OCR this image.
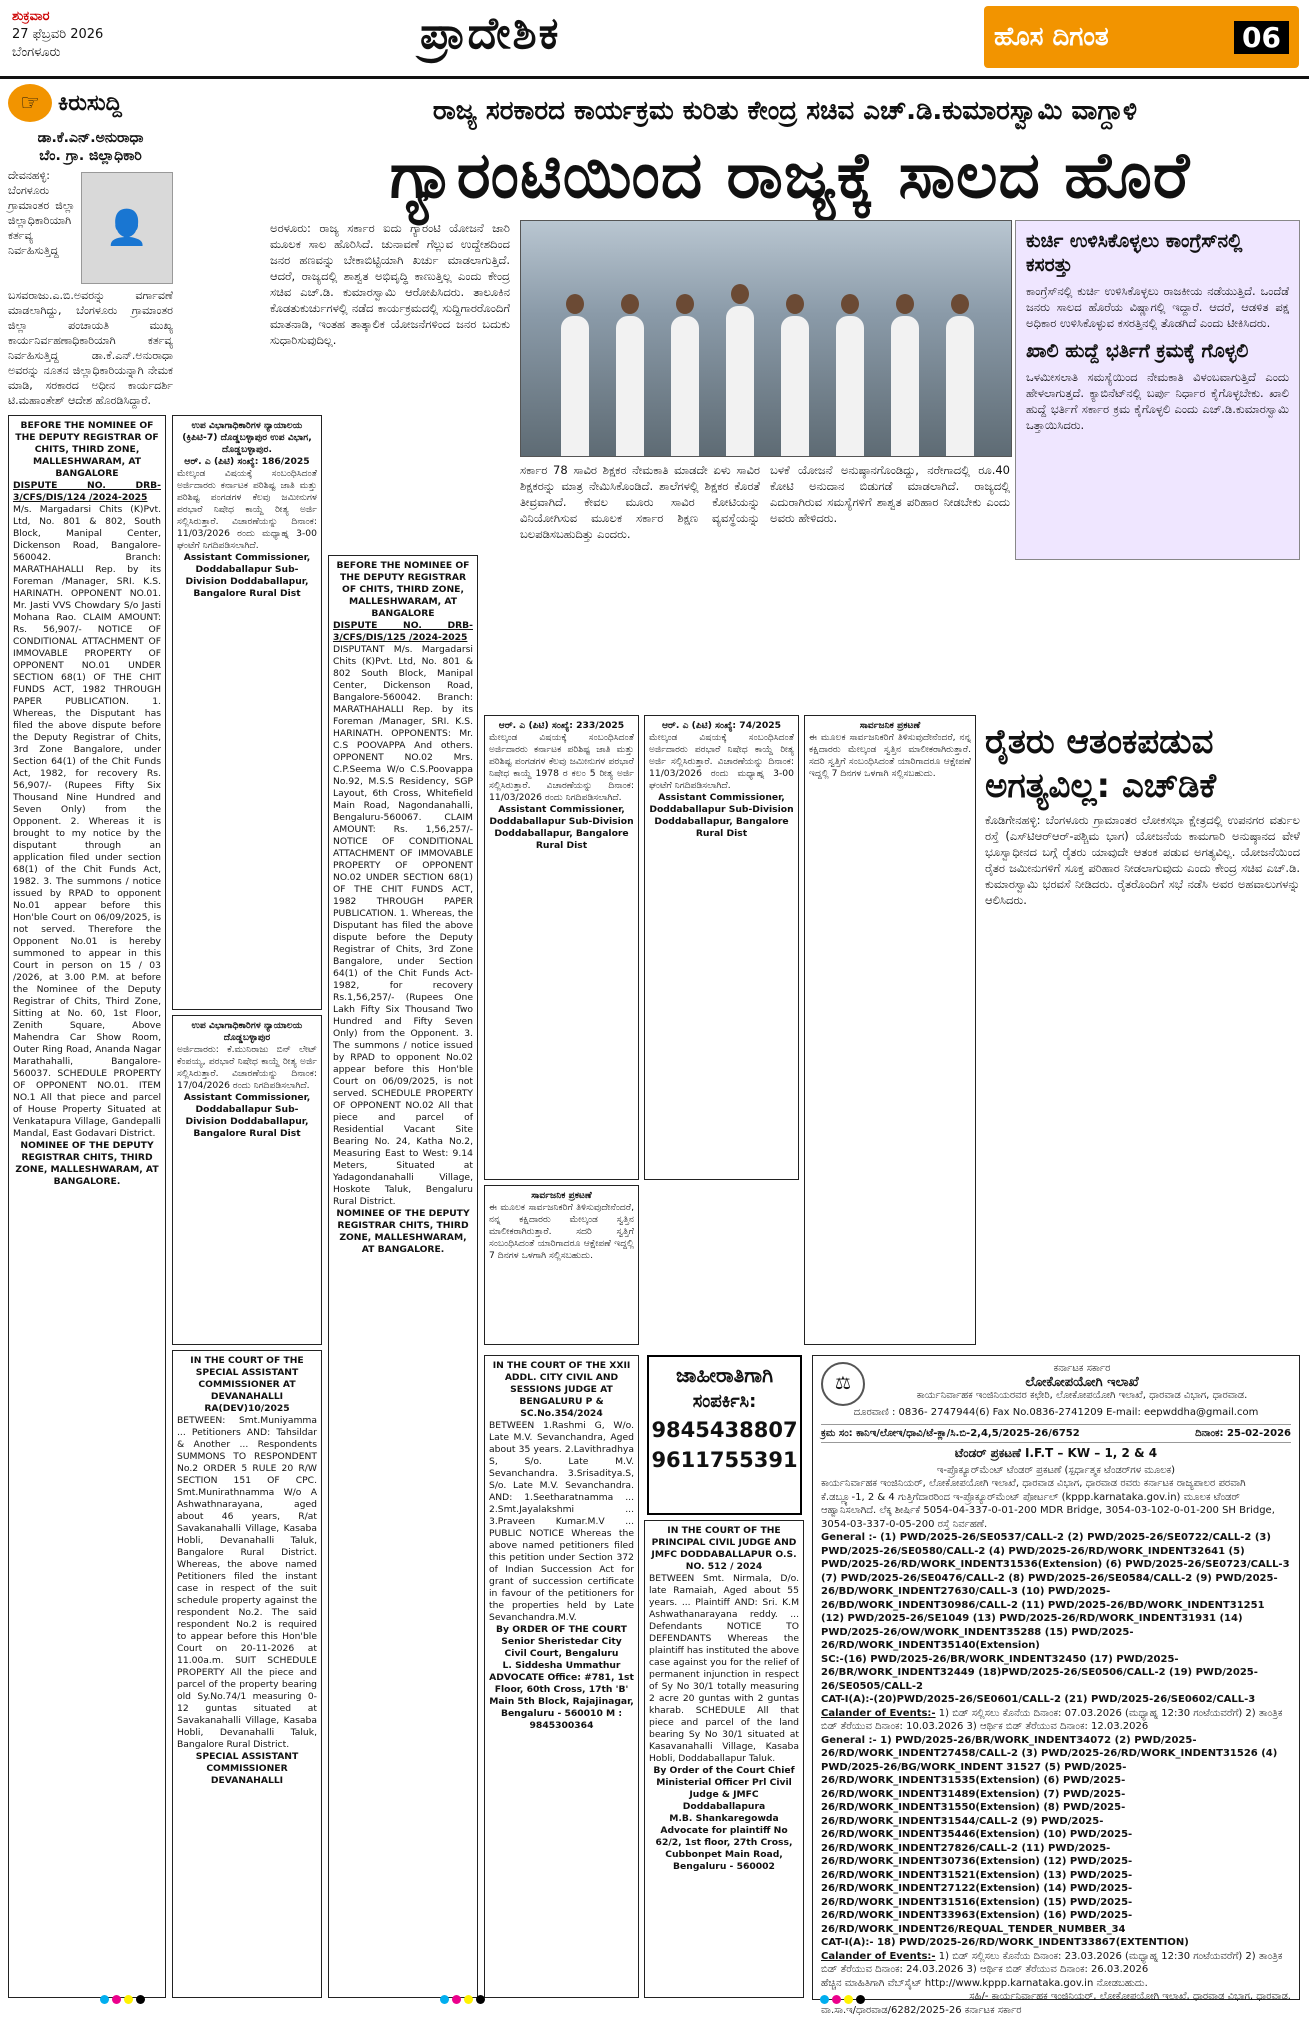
ಶುಕ್ರವಾರ
27 ಫೆಬ್ರವರಿ 2026
ಬೆಂಗಳೂರು	ಪ್ರಾದೇಶಿಕ	ಹೊಸ ದಿಗಂತ	06
☞ ಕಿರುಸುದ್ದಿ
ಡಾ.ಕೆ.ಎನ್.ಅನುರಾಧಾ
ಬೆಂ. ಗ್ರಾ. ಜಿಲ್ಲಾಧಿಕಾರಿ
👤
ದೇವನಹಳ್ಳಿ: ಬೆಂಗಳೂರು ಗ್ರಾಮಾಂತರ ಜಿಲ್ಲಾ ಜಿಲ್ಲಾಧಿಕಾರಿಯಾಗಿ ಕರ್ತವ್ಯ ನಿರ್ವಹಿಸುತ್ತಿದ್ದ ಬಸವರಾಜು.ಎ.ಬಿ.ಅವರನ್ನು ವರ್ಗಾವಣೆ ಮಾಡಲಾಗಿದ್ದು, ಬೆಂಗಳೂರು ಗ್ರಾಮಾಂತರ ಜಿಲ್ಲಾ ಪಂಚಾಯತಿ ಮುಖ್ಯ ಕಾರ್ಯನಿರ್ವಹಣಾಧಿಕಾರಿಯಾಗಿ ಕರ್ತವ್ಯ ನಿರ್ವಹಿಸುತ್ತಿದ್ದ ಡಾ.ಕೆ.ಎನ್.ಅನುರಾಧಾ ಅವರನ್ನು ನೂತನ ಜಿಲ್ಲಾಧಿಕಾರಿಯನ್ನಾಗಿ ನೇಮಕ ಮಾಡಿ, ಸರಕಾರದ ಅಧೀನ ಕಾರ್ಯದರ್ಶಿ ಟಿ.ಮಹಾಂತೇಶ್ ಆದೇಶ ಹೊರಡಿಸಿದ್ದಾರೆ.
ರಾಜ್ಯ ಸರಕಾರದ ಕಾರ್ಯಕ್ರಮ ಕುರಿತು ಕೇಂದ್ರ ಸಚಿವ ಎಚ್.ಡಿ.ಕುಮಾರಸ್ವಾಮಿ ವಾಗ್ದಾಳಿ
ಗ್ಯಾರಂಟಿಯಿಂದ ರಾಜ್ಯಕ್ಕೆ ಸಾಲದ ಹೊರೆ
ಅರಳೂರು: ರಾಜ್ಯ ಸರ್ಕಾರ ಐದು ಗ್ಯಾರಂಟಿ ಯೋಜನೆ ಜಾರಿ ಮೂಲಕ ಸಾಲ ಹೊರಿಸಿದೆ. ಚುನಾವಣೆ ಗೆಲ್ಲುವ ಉದ್ದೇಶದಿಂದ ಜನರ ಹಣವನ್ನು ಬೇಕಾಬಿಟ್ಟಿಯಾಗಿ ಖರ್ಚು ಮಾಡಲಾಗುತ್ತಿದೆ. ಆದರೆ, ರಾಜ್ಯದಲ್ಲಿ ಶಾಶ್ವತ ಅಭಿವೃದ್ಧಿ ಕಾಣುತ್ತಿಲ್ಲ ಎಂದು ಕೇಂದ್ರ ಸಚಿವ ಎಚ್.ಡಿ. ಕುಮಾರಸ್ವಾಮಿ ಆರೋಪಿಸಿದರು. ತಾಲೂಕಿನ ಕೊಡತುಕುರ್ಚುಗಳಲ್ಲಿ ನಡೆದ ಕಾರ್ಯಕ್ರಮದಲ್ಲಿ ಸುದ್ದಿಗಾರರೊಂದಿಗೆ ಮಾತನಾಡಿ, ಇಂತಹ ತಾತ್ಕಾಲಿಕ ಯೋಜನೆಗಳಿಂದ ಜನರ ಬದುಕು ಸುಧಾರಿಸುವುದಿಲ್ಲ.
ಸರ್ಕಾರ 78 ಸಾವಿರ ಶಿಕ್ಷಕರ ನೇಮಕಾತಿ ಮಾಡದೇ ಏಳು ಸಾವಿರ ಶಿಕ್ಷಕರನ್ನು ಮಾತ್ರ ನೇಮಿಸಿಕೊಂಡಿದೆ. ಶಾಲೆಗಳಲ್ಲಿ ಶಿಕ್ಷಕರ ಕೊರತೆ ತೀವ್ರವಾಗಿದೆ. ಕೇವಲ ಮೂರು ಸಾವಿರ ಕೋಟಿಯನ್ನು ವಿನಿಯೋಗಿಸುವ ಮೂಲಕ ಸರ್ಕಾರ ಶಿಕ್ಷಣ ವ್ಯವಸ್ಥೆಯನ್ನು ಬಲಪಡಿಸಬಹುದಿತ್ತು ಎಂದರು.
ಬಳಕೆ ಯೋಜನೆ ಅನುಷ್ಠಾನಗೊಂಡಿದ್ದು, ನರೇಗಾದಲ್ಲಿ ರೂ.40 ಕೋಟಿ ಅನುದಾನ ಬಿಡುಗಡೆ ಮಾಡಲಾಗಿದೆ. ರಾಜ್ಯದಲ್ಲಿ ಎದುರಾಗಿರುವ ಸಮಸ್ಯೆಗಳಿಗೆ ಶಾಶ್ವತ ಪರಿಹಾರ ನೀಡಬೇಕು ಎಂದು ಅವರು ಹೇಳಿದರು.
ಕುರ್ಚಿ ಉಳಿಸಿಕೊಳ್ಳಲು ಕಾಂಗ್ರೆಸ್‌ನಲ್ಲಿ ಕಸರತ್ತು

ಕಾಂಗ್ರೆಸ್‌ನಲ್ಲಿ ಕುರ್ಚಿ ಉಳಿಸಿಕೊಳ್ಳಲು ರಾಜಕೀಯ ನಡೆಯುತ್ತಿದೆ. ಒಂದೆಡೆ ಜನರು ಸಾಲದ ಹೊರೆಯ ವಿಷ್ಣಾಗಲ್ಲಿ ಇದ್ದಾರೆ. ಆದರೆ, ಆಡಳಿತ ಪಕ್ಷ ಅಧಿಕಾರ ಉಳಿಸಿಕೊಳ್ಳುವ ಕಸರತ್ತಿನಲ್ಲಿ ತೊಡಗಿದೆ ಎಂದು ಟೀಕಿಸಿದರು.

ಖಾಲಿ ಹುದ್ದೆ ಭರ್ತಿಗೆ ಕ್ರಮಕ್ಕೆ ಗೊಳ್ಳಲಿ

ಒಳಮೀಸಲಾತಿ ಸಮಸ್ಯೆಯಿಂದ ನೇಮಕಾತಿ ವಿಳಂಬವಾಗುತ್ತಿದೆ ಎಂದು ಹೇಳಲಾಗುತ್ತದೆ. ಕ್ಯಾಬಿನೆಟ್‌ನಲ್ಲಿ ಬರ್ಪು ನಿರ್ಧಾರ ಕೈಗೊಳ್ಳಬೇಕು. ಖಾಲಿ ಹುದ್ದೆ ಭರ್ತಿಗೆ ಸರ್ಕಾರ ಕ್ರಮ ಕೈಗೊಳ್ಳಲಿ ಎಂದು ಎಚ್.ಡಿ.ಕುಮಾರಸ್ವಾಮಿ ಒತ್ತಾಯಿಸಿದರು.

ರೈತರು ಆತಂಕಪಡುವ ಅಗತ್ಯವಿಲ್ಲ: ಎಚ್‌ಡಿಕೆ
ಕೊಡಿಗೇನಹಳ್ಳಿ: ಬೆಂಗಳೂರು ಗ್ರಾಮಾಂತರ ಲೋಕಸಭಾ ಕ್ಷೇತ್ರದಲ್ಲಿ ಉಪನಗರ ವರ್ತುಲ ರಸ್ತೆ (ಎಸ್‌ಟಿಆರ್‌ಆರ್-ಪಶ್ಚಿಮ ಭಾಗ) ಯೋಜನೆಯ ಕಾಮಗಾರಿ ಅನುಷ್ಠಾನದ ವೇಳೆ ಭೂಸ್ವಾಧೀನದ ಬಗ್ಗೆ ರೈತರು ಯಾವುದೇ ಆತಂಕ ಪಡುವ ಅಗತ್ಯವಿಲ್ಲ. ಯೋಜನೆಯಿಂದ ರೈತರ ಜಮೀನುಗಳಿಗೆ ಸೂಕ್ತ ಪರಿಹಾರ ನೀಡಲಾಗುವುದು ಎಂದು ಕೇಂದ್ರ ಸಚಿವ ಎಚ್.ಡಿ. ಕುಮಾರಸ್ವಾಮಿ ಭರವಸೆ ನೀಡಿದರು. ರೈತರೊಂದಿಗೆ ಸಭೆ ನಡೆಸಿ ಅವರ ಅಹವಾಲುಗಳನ್ನು ಆಲಿಸಿದರು.
BEFORE THE NOMINEE OF THE DEPUTY REGISTRAR OF CHITS, THIRD ZONE, MALLESHWARAM, AT BANGALORE
DISPUTE NO. DRB-3/CFS/DIS/124 /2024-2025
M/s. Margadarsi Chits (K)Pvt. Ltd, No. 801 & 802, South Block, Manipal Center, Dickenson Road, Bangalore-560042. Branch: MARATHAHALLI Rep. by its Foreman /Manager, SRI. K.S. HARINATH. OPPONENT NO.01. Mr. Jasti VVS Chowdary S/o Jasti Mohana Rao. CLAIM AMOUNT: Rs. 56,907/- NOTICE OF CONDITIONAL ATTACHMENT OF IMMOVABLE PROPERTY OF OPPONENT NO.01 UNDER SECTION 68(1) OF THE CHIT FUNDS ACT, 1982 THROUGH PAPER PUBLICATION. 1. Whereas, the Disputant has filed the above dispute before the Deputy Registrar of Chits, 3rd Zone Bangalore, under Section 64(1) of the Chit Funds Act, 1982, for recovery Rs. 56,907/- (Rupees Fifty Six Thousand Nine Hundred and Seven Only) from the Opponent. 2. Whereas it is brought to my notice by the disputant through an application filed under section 68(1) of the Chit Funds Act, 1982. 3. The summons / notice issued by RPAD to opponent No.01 appear before this Hon'ble Court on 06/09/2025, is not served. Therefore the Opponent No.01 is hereby summoned to appear in this Court in person on 15 / 03 /2026, at 3.00 P.M. at before the Nominee of the Deputy Registrar of Chits, Third Zone, Sitting at No. 60, 1st Floor, Zenith Square, Above Mahendra Car Show Room, Outer Ring Road, Ananda Nagar Marathahalli, Bangalore-560037. SCHEDULE PROPERTY OF OPPONENT NO.01. ITEM NO.1 All that piece and parcel of House Property Situated at Venkatapura Village, Gandepalli Mandal, East Godavari District.
NOMINEE OF THE DEPUTY REGISTRAR CHITS, THIRD ZONE, MALLESHWARAM, AT BANGALORE.
ಉಪ ವಿಭಾಗಾಧಿಕಾರಿಗಳ ನ್ಯಾಯಾಲಯ (ಕ್ರಿಪಿಟಿ-7) ದೊಡ್ಡಬಳ್ಳಾಪುರ ಉಪ ವಿಭಾಗ, ದೊಡ್ಡಬಳ್ಳಾಪುರ.
ಆರ್. ಎ (ಪಿಟಿ) ಸಂಖ್ಯೆ: 186/2025
ಮೇಲ್ಕಂಡ ವಿಷಯಕ್ಕೆ ಸಂಬಂಧಿಸಿದಂತೆ ಅರ್ಜಿದಾರರು ಕರ್ನಾಟಕ ಪರಿಶಿಷ್ಟ ಜಾತಿ ಮತ್ತು ಪರಿಶಿಷ್ಟ ಪಂಗಡಗಳ ಕೆಲವು ಜಮೀನುಗಳ ಪರಭಾರೆ ನಿಷೇಧ ಕಾಯ್ದೆ ರೀತ್ಯ ಅರ್ಜಿ ಸಲ್ಲಿಸಿರುತ್ತಾರೆ. ವಿಚಾರಣೆಯನ್ನು ದಿನಾಂಕ: 11/03/2026 ರಂದು ಮಧ್ಯಾಹ್ನ 3-00 ಘಂಟೆಗೆ ನಿಗದಿಪಡಿಸಲಾಗಿದೆ.
Assistant Commissioner, Doddaballapur Sub-Division Doddaballapur, Bangalore Rural Dist
ಉಪ ವಿಭಾಗಾಧಿಕಾರಿಗಳ ನ್ಯಾಯಾಲಯ ದೊಡ್ಡಬಳ್ಳಾಪುರ
ಅರ್ಜಿದಾರರು: ಕೆ.ಮುನಿರಾಜು ಬಿನ್ ಲೇಟ್ ಕೆಂಪಯ್ಯ, ಪರಭಾರೆ ನಿಷೇಧ ಕಾಯ್ದೆ ರೀತ್ಯ ಅರ್ಜಿ ಸಲ್ಲಿಸಿರುತ್ತಾರೆ. ವಿಚಾರಣೆಯನ್ನು ದಿನಾಂಕ: 17/04/2026 ರಂದು ನಿಗದಿಪಡಿಸಲಾಗಿದೆ.
Assistant Commissioner, Doddaballapur Sub-Division Doddaballapur, Bangalore Rural Dist
IN THE COURT OF THE SPECIAL ASSISTANT COMMISSIONER AT DEVANAHALLI RA(DEV)10/2025
BETWEEN: Smt.Muniyamma ... Petitioners AND: Tahsildar & Another ... Respondents SUMMONS TO RESPONDENT No.2 ORDER 5 RULE 20 R/W SECTION 151 OF CPC. Smt.Munirathnamma W/o A Ashwathnarayana, aged about 46 years, R/at Savakanahalli Village, Kasaba Hobli, Devanahalli Taluk, Bangalore Rural District. Whereas, the above named Petitioners filed the instant case in respect of the suit schedule property against the respondent No.2. The said respondent No.2 is required to appear before this Hon'ble Court on 20-11-2026 at 11.00a.m. SUIT SCHEDULE PROPERTY All the piece and parcel of the property bearing old Sy.No.74/1 measuring 0-12 guntas situated at Savakanahalli Village, Kasaba Hobli, Devanahalli Taluk, Bangalore Rural District.
SPECIAL ASSISTANT COMMISSIONER DEVANAHALLI
BEFORE THE NOMINEE OF THE DEPUTY REGISTRAR OF CHITS, THIRD ZONE, MALLESHWARAM, AT BANGALORE
DISPUTE NO. DRB-3/CFS/DIS/125 /2024-2025
DISPUTANT M/s. Margadarsi Chits (K)Pvt. Ltd, No. 801 & 802 South Block, Manipal Center, Dickenson Road, Bangalore-560042. Branch: MARATHAHALLI Rep. by its Foreman /Manager, SRI. K.S. HARINATH. OPPONENTS: Mr. C.S POOVAPPA And others. OPPONENT NO.02 Mrs. C.P.Seema W/o C.S.Poovappa No.92, M.S.S Residency, SGP Layout, 6th Cross, Whitefield Main Road, Nagondanahalli, Bengaluru-560067. CLAIM AMOUNT: Rs. 1,56,257/- NOTICE OF CONDITIONAL ATTACHMENT OF IMMOVABLE PROPERTY OF OPPONENT NO.02 UNDER SECTION 68(1) OF THE CHIT FUNDS ACT, 1982 THROUGH PAPER PUBLICATION. 1. Whereas, the Disputant has filed the above dispute before the Deputy Registrar of Chits, 3rd Zone Bangalore, under Section 64(1) of the Chit Funds Act-1982, for recovery Rs.1,56,257/- (Rupees One Lakh Fifty Six Thousand Two Hundred and Fifty Seven Only) from the Opponent. 3. The summons / notice issued by RPAD to opponent No.02 appear before this Hon'ble Court on 06/09/2025, is not served. SCHEDULE PROPERTY OF OPPONENT NO.02 All that piece and parcel of Residential Vacant Site Bearing No. 24, Katha No.2, Measuring East to West: 9.14 Meters, Situated at Yadagondanahalli Village, Hoskote Taluk, Bengaluru Rural District.
NOMINEE OF THE DEPUTY REGISTRAR CHITS, THIRD ZONE, MALLESHWARAM, AT BANGALORE.
ಆರ್. ಎ (ಪಿಟಿ) ಸಂಖ್ಯೆ: 233/2025
ಮೇಲ್ಕಂಡ ವಿಷಯಕ್ಕೆ ಸಂಬಂಧಿಸಿದಂತೆ ಅರ್ಜಿದಾರರು ಕರ್ನಾಟಕ ಪರಿಶಿಷ್ಟ ಜಾತಿ ಮತ್ತು ಪರಿಶಿಷ್ಟ ಪಂಗಡಗಳ ಕೆಲವು ಜಮೀನುಗಳ ಪರಭಾರೆ ನಿಷೇಧ ಕಾಯ್ದೆ 1978 ರ ಕಲಂ 5 ರೀತ್ಯ ಅರ್ಜಿ ಸಲ್ಲಿಸಿರುತ್ತಾರೆ. ವಿಚಾರಣೆಯನ್ನು ದಿನಾಂಕ: 11/03/2026 ರಂದು ನಿಗದಿಪಡಿಸಲಾಗಿದೆ.
Assistant Commissioner, Doddaballapur Sub-Division Doddaballapur, Bangalore Rural Dist
ಆರ್. ಎ (ಪಿಟಿ) ಸಂಖ್ಯೆ: 74/2025
ಮೇಲ್ಕಂಡ ವಿಷಯಕ್ಕೆ ಸಂಬಂಧಿಸಿದಂತೆ ಅರ್ಜಿದಾರರು ಪರಭಾರೆ ನಿಷೇಧ ಕಾಯ್ದೆ ರೀತ್ಯ ಅರ್ಜಿ ಸಲ್ಲಿಸಿರುತ್ತಾರೆ. ವಿಚಾರಣೆಯನ್ನು ದಿನಾಂಕ: 11/03/2026 ರಂದು ಮಧ್ಯಾಹ್ನ 3-00 ಘಂಟೆಗೆ ನಿಗದಿಪಡಿಸಲಾಗಿದೆ.
Assistant Commissioner, Doddaballapur Sub-Division Doddaballapur, Bangalore Rural Dist
ಸಾರ್ವಜನಿಕ ಪ್ರಕಟಣೆ
ಈ ಮೂಲಕ ಸಾರ್ವಜನಿಕರಿಗೆ ತಿಳಿಸುವುದೇನೆಂದರೆ, ನನ್ನ ಕಕ್ಷಿದಾರರು ಮೇಲ್ಕಂಡ ಸ್ವತ್ತಿನ ಮಾಲೀಕರಾಗಿರುತ್ತಾರೆ. ಸದರಿ ಸ್ವತ್ತಿಗೆ ಸಂಬಂಧಿಸಿದಂತೆ ಯಾರಿಗಾದರೂ ಆಕ್ಷೇಪಣೆ ಇದ್ದಲ್ಲಿ 7 ದಿನಗಳ ಒಳಗಾಗಿ ಸಲ್ಲಿಸಬಹುದು.
ಸಾರ್ವಜನಿಕ ಪ್ರಕಟಣೆ
ಈ ಮೂಲಕ ಸಾರ್ವಜನಿಕರಿಗೆ ತಿಳಿಸುವುದೇನೆಂದರೆ, ನನ್ನ ಕಕ್ಷಿದಾರರು ಮೇಲ್ಕಂಡ ಸ್ವತ್ತಿನ ಮಾಲೀಕರಾಗಿರುತ್ತಾರೆ. ಸದರಿ ಸ್ವತ್ತಿಗೆ ಸಂಬಂಧಿಸಿದಂತೆ ಯಾರಿಗಾದರೂ ಆಕ್ಷೇಪಣೆ ಇದ್ದಲ್ಲಿ 7 ದಿನಗಳ ಒಳಗಾಗಿ ಸಲ್ಲಿಸಬಹುದು.
IN THE COURT OF THE XXII ADDL. CITY CIVIL AND SESSIONS JUDGE AT BENGALURU P & SC.No.354/2024
BETWEEN 1.Rashmi G, W/o. Late M.V. Sevanchandra, Aged about 35 years. 2.Lavithradhya S, S/o. Late M.V. Sevanchandra. 3.Srisaditya.S, S/o. Late M.V. Sevanchandra. AND: 1.Seetharatnamma ... 2.Smt.Jayalakshmi ... 3.Praveen Kumar.M.V ... PUBLIC NOTICE Whereas the above named petitioners filed this petition under Section 372 of Indian Succession Act for grant of succession certificate in favour of the petitioners for the properties held by Late Sevanchandra.M.V.
By ORDER OF THE COURT Senior Sheristedar City Civil Court, Bengaluru
L. Siddesha Ummathur ADVOCATE Office: #781, 1st Floor, 60th Cross, 17th 'B' Main 5th Block, Rajajinagar, Bengaluru - 560010 M : 9845300364
ಜಾಹೀರಾತಿಗಾಗಿ
ಸಂಪರ್ಕಿಸಿ:
9845438807
9611755391
IN THE COURT OF THE PRINCIPAL CIVIL JUDGE AND JMFC DODDABALLAPUR O.S. NO. 512 / 2024
BETWEEN Smt. Nirmala, D/o. late Ramaiah, Aged about 55 years. ... Plaintiff AND: Sri. K.M Ashwathanarayana reddy. ... Defendants NOTICE TO DEFENDANTS Whereas the plaintiff has instituted the above case against you for the relief of permanent injunction in respect of Sy No 30/1 totally measuring 2 acre 20 guntas with 2 guntas kharab. SCHEDULE All that piece and parcel of the land bearing Sy No 30/1 situated at Kasavanahalli Village, Kasaba Hobli, Doddaballapur Taluk.
By Order of the Court Chief Ministerial Officer Prl Civil Judge & JMFC Doddaballapura
M.B. Shankaregowda Advocate for plaintiff No 62/2, 1st floor, 27th Cross, Cubbonpet Main Road, Bengaluru - 560002
⚖
ಕರ್ನಾಟಕ ಸರ್ಕಾರ
ಲೋಕೋಪಯೋಗಿ ಇಲಾಖೆ
ಕಾರ್ಯನಿರ್ವಾಹಕ ಇಂಜಿನಿಯರವರ ಕಛೇರಿ, ಲೋಕೋಪಯೋಗಿ ಇಲಾಖೆ, ಧಾರವಾಡ ವಿಭಾಗ, ಧಾರವಾಡ.
ದೂರವಾಣಿ : 0836- 2747944(6) Fax No.0836-2741209 E-mail: eepwddha@gmail.com
ಕ್ರಮ ಸಂ: ಕಾನಿಇ/ಲೋಇ/ಧಾವಿ/ಟೆ-ಕ್ಲಾ/ಸಿ.ಬಿ-2,4,5/2025-26/6752	ದಿನಾಂಕ: 25-02-2026
ಟೆಂಡರ್ ಪ್ರಕಟಣೆ I.F.T – KW – 1, 2 & 4
ಇ-ಪ್ರೊಕ್ಯೂರ್‌ಮೆಂಟ್ ಟೆಂಡರ್ ಪ್ರಕಟಣೆ (ಸ್ಪರ್ಧಾತ್ಮಕ ಟೆಂಡರ್‌ಗಳ ಮೂಲಕ)
ಕಾರ್ಯನಿರ್ವಾಹಕ ಇಂಜಿನಿಯರ್, ಲೋಕೋಪಯೋಗಿ ಇಲಾಖೆ, ಧಾರವಾಡ ವಿಭಾಗ, ಧಾರವಾಡ ರವರು ಕರ್ನಾಟಕ ರಾಜ್ಯಪಾಲರ ಪರವಾಗಿ ಕೆ.ಡಬ್ಲ್ಯೂ-1, 2 & 4 ಗುತ್ತಿಗೆದಾರರಿಂದ ಇ-ಪ್ರೊಕ್ಯೂರ್‌ಮೆಂಟ್ ಪೋರ್ಟಲ್ (kppp.karnataka.gov.in) ಮೂಲಕ ಟೆಂಡರ್ ಆಹ್ವಾನಿಸಲಾಗಿದೆ. ಲೆಕ್ಕ ಶೀರ್ಷಿಕೆ 5054-04-337-0-01-200 MDR Bridge, 3054-03-102-0-01-200 SH Bridge, 3054-03-337-0-05-200 ರಸ್ತೆ ನಿರ್ವಹಣೆ.
General :- (1) PWD/2025-26/SE0537/CALL-2 (2) PWD/2025-26/SE0722/CALL-2 (3) PWD/2025-26/SE0580/CALL-2 (4) PWD/2025-26/RD/WORK_INDENT32641 (5) PWD/2025-26/RD/WORK_INDENT31536(Extension) (6) PWD/2025-26/SE0723/CALL-3 (7) PWD/2025-26/SE0476/CALL-2 (8) PWD/2025-26/SE0584/CALL-2 (9) PWD/2025-26/BD/WORK_INDENT27630/CALL-3 (10) PWD/2025-26/BD/WORK_INDENT30986/CALL-2 (11) PWD/2025-26/BD/WORK_INDENT31251 (12) PWD/2025-26/SE1049 (13) PWD/2025-26/RD/WORK_INDENT31931 (14) PWD/2025-26/OW/WORK_INDENT35288 (15) PWD/2025-26/RD/WORK_INDENT35140(Extension)
SC:-(16) PWD/2025-26/BR/WORK_INDENT32450 (17) PWD/2025-26/BR/WORK_INDENT32449 (18)PWD/2025-26/SE0506/CALL-2 (19) PWD/2025-26/SE0505/CALL-2
CAT-I(A):-(20)PWD/2025-26/SE0601/CALL-2 (21) PWD/2025-26/SE0602/CALL-3
Calander of Events:- 1) ಬಿಡ್ ಸಲ್ಲಿಸಲು ಕೊನೆಯ ದಿನಾಂಕ: 07.03.2026 (ಮಧ್ಯಾಹ್ನ 12:30 ಗಂಟೆಯವರೆಗೆ) 2) ತಾಂತ್ರಿಕ ಬಿಡ್ ತೆರೆಯುವ ದಿನಾಂಕ: 10.03.2026 3) ಆರ್ಥಿಕ ಬಿಡ್ ತೆರೆಯುವ ದಿನಾಂಕ: 12.03.2026
General :- 1) PWD/2025-26/BR/WORK_INDENT34072 (2) PWD/2025-26/RD/WORK_INDENT27458/CALL-2 (3) PWD/2025-26/RD/WORK_INDENT31526 (4) PWD/2025-26/BG/WORK_INDENT 31527 (5) PWD/2025-26/RD/WORK_INDENT31535(Extension) (6) PWD/2025-26/RD/WORK_INDENT31489(Extension) (7) PWD/2025-26/RD/WORK_INDENT31550(Extension) (8) PWD/2025-26/RD/WORK_INDENT31544/CALL-2 (9) PWD/2025-26/RD/WORK_INDENT35446(Extension) (10) PWD/2025-26/RD/WORK_INDENT27826/CALL-2 (11) PWD/2025-26/RD/WORK_INDENT30736(Extension) (12) PWD/2025-26/RD/WORK_INDENT31521(Extension) (13) PWD/2025-26/RD/WORK_INDENT27122(Extension) (14) PWD/2025-26/RD/WORK_INDENT31516(Extension) (15) PWD/2025-26/RD/WORK_INDENT33963(Extension) (16) PWD/2025-26/RD/WORK_INDENT26/REQUAL_TENDER_NUMBER_34
CAT-I(A):- 18) PWD/2025-26/RD/WORK_INDENT33867(EXTENTION)
Calander of Events:- 1) ಬಿಡ್ ಸಲ್ಲಿಸಲು ಕೊನೆಯ ದಿನಾಂಕ: 23.03.2026 (ಮಧ್ಯಾಹ್ನ 12:30 ಗಂಟೆಯವರೆಗೆ) 2) ತಾಂತ್ರಿಕ ಬಿಡ್ ತೆರೆಯುವ ದಿನಾಂಕ: 24.03.2026 3) ಆರ್ಥಿಕ ಬಿಡ್ ತೆರೆಯುವ ದಿನಾಂಕ: 26.03.2026
ಹೆಚ್ಚಿನ ಮಾಹಿತಿಗಾಗಿ ವೆಬ್‌ಸೈಟ್ http://www.kppp.karnataka.gov.in ನೋಡಬಹುದು.
ಸಹಿ/- ಕಾರ್ಯನಿರ್ವಾಹಕ ಇಂಜಿನಿಯರ್, ಲೋಕೋಪಯೋಗಿ ಇಲಾಖೆ, ಧಾರವಾಡ ವಿಭಾಗ, ಧಾರವಾಡ.
ವಾ.ಸಾ.ಇ/ಧಾರವಾಡ/6282/2025-26 ಕರ್ನಾಟಕ ಸರ್ಕಾರ
